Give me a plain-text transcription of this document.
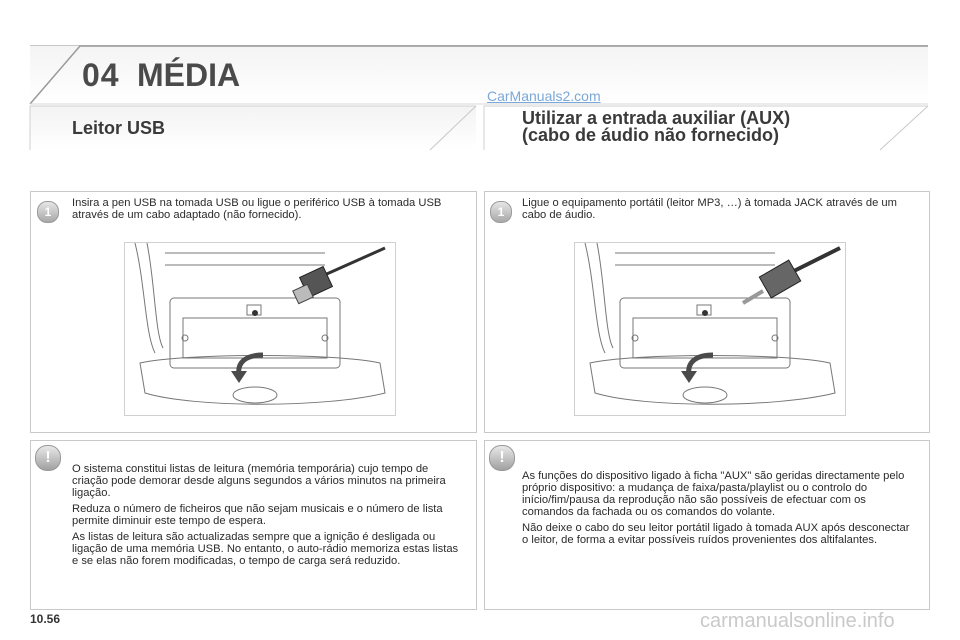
04 MÉDIA
CarManuals2.com
Leitor USB	Utilizar a entrada auxiliar (AUX)
(cabo de áudio não fornecido)
1
Insira a pen USB na tomada USB ou ligue o periférico USB à tomada USB através de um cabo adaptado (não fornecido).
!

O sistema constitui listas de leitura (memória temporária) cujo tempo de criação pode demorar desde alguns segundos a vários minutos na primeira ligação.

Reduza o número de ficheiros que não sejam musicais e o número de lista permite diminuir este tempo de espera.

As listas de leitura são actualizadas sempre que a ignição é desligada ou ligação de uma memória USB. No entanto, o auto-rádio memoriza estas listas e se elas não forem modificadas, o tempo de carga será reduzido.

1
Ligue o equipamento portátil (leitor MP3, …) à tomada JACK através de um cabo de áudio.
!

As funções do dispositivo ligado à ficha "AUX" são geridas directamente pelo próprio dispositivo: a mudança de faixa/pasta/playlist ou o controlo do início/fim/pausa da reprodução não são possíveis de efectuar com os comandos da fachada ou os comandos do volante.

Não deixe o cabo do seu leitor portátil ligado à tomada AUX após desconectar o leitor, de forma a evitar possíveis ruídos provenientes dos altifalantes.

10.56	carmanualsonline.info
